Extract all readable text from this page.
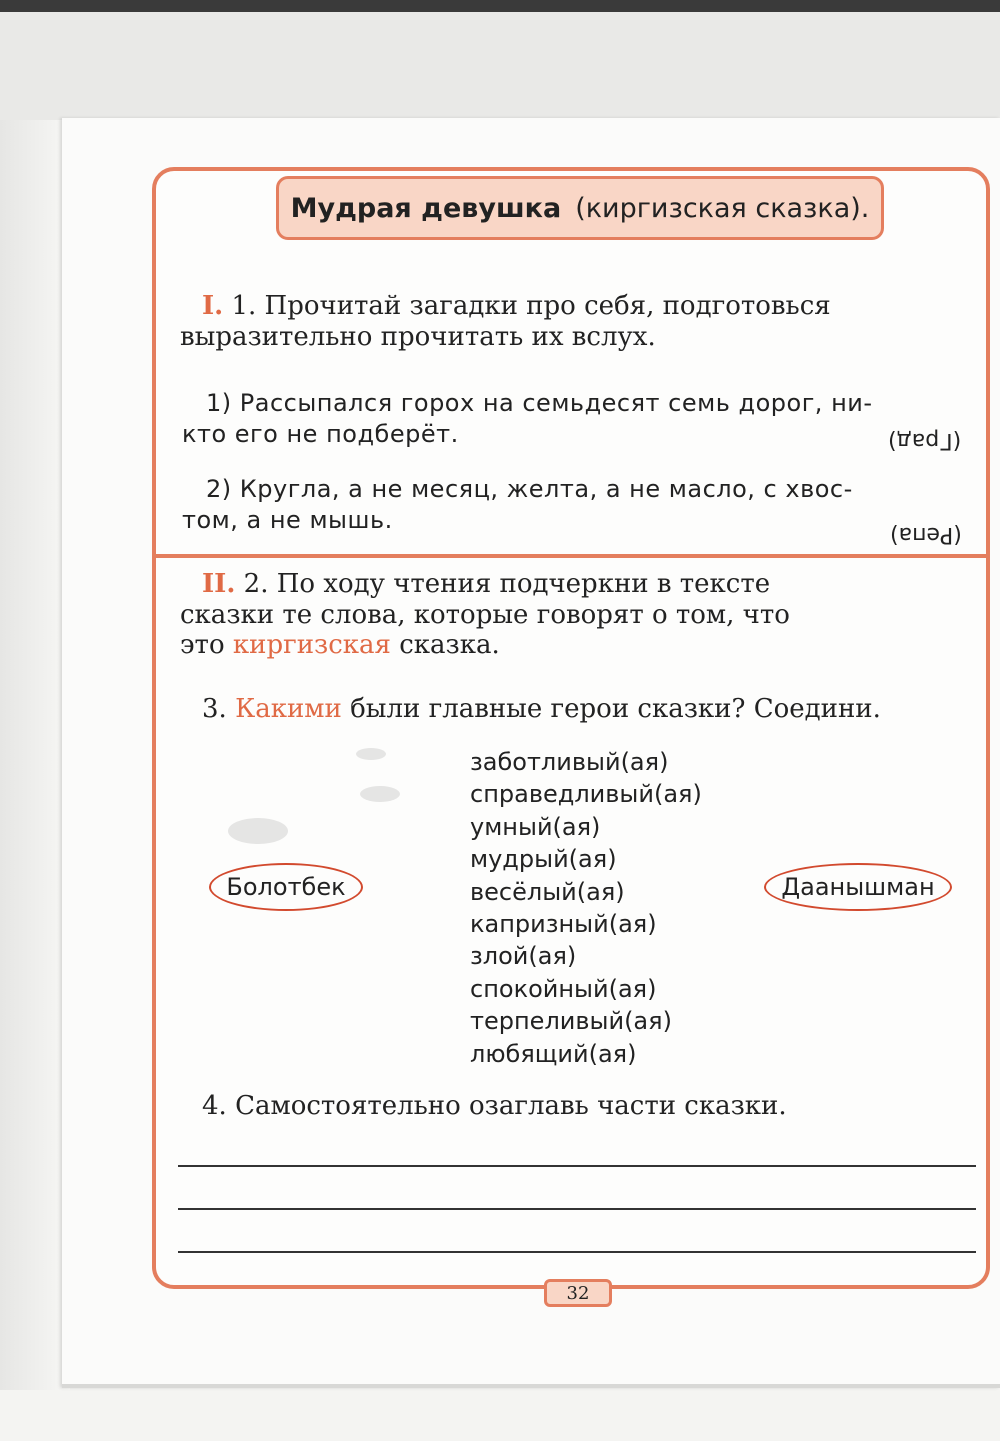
Мудрая девушка (киргизская сказка).
I. 1. Прочитай загадки про себя, подготовься
выразительно прочитать их вслух.
1) Рассыпался горох на семьдесят семь дорог, ни-
кто его не подберёт.	(Град)
2) Кругла, а не месяц, желта, а не масло, с хвос-
том, а не мышь.
(Репа)
II. 2. По ходу чтения подчеркни в тексте
сказки те слова, которые говорят о том, что
это киргизская сказка.
3. Какими были главные герои сказки? Соедини.
заботливый(ая)
справедливый(ая)
умный(ая)
мудрый(ая)
весёлый(ая)
капризный(ая)
злой(ая)
спокойный(ая)
терпеливый(ая)
любящий(ая)
Болотбек	Даанышман
4. Самостоятельно озаглавь части сказки.
32
